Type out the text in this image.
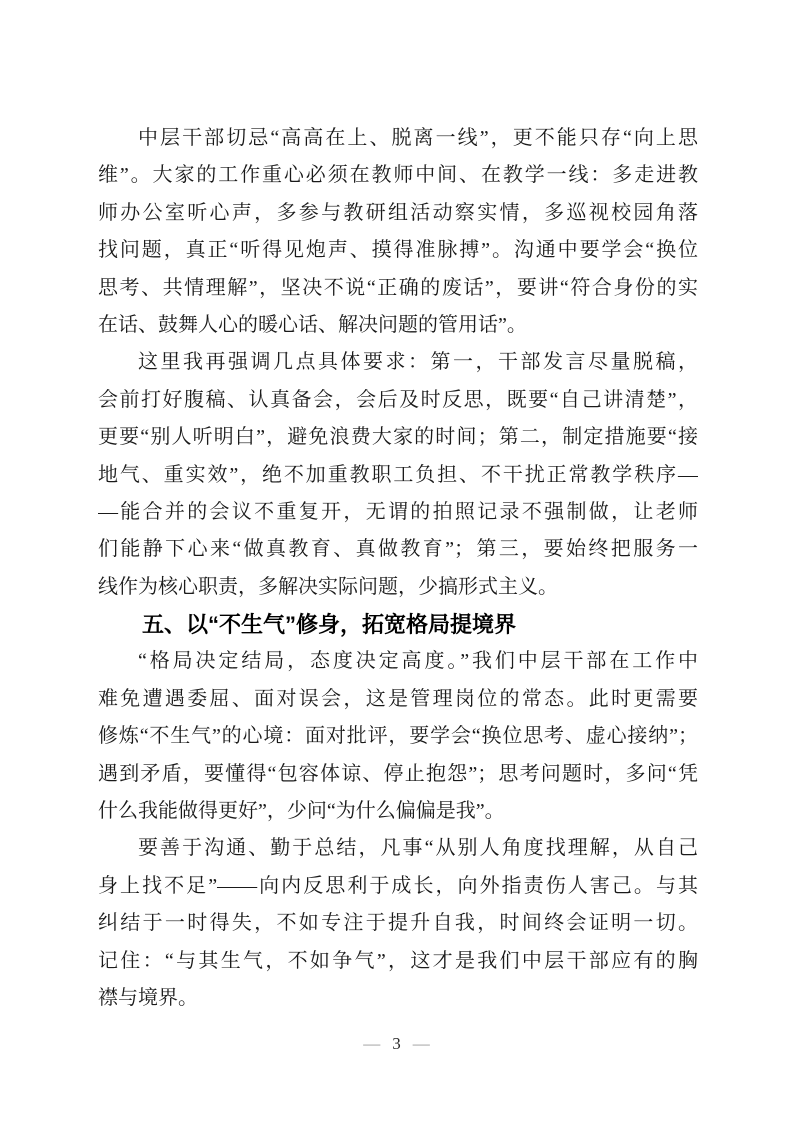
中层干部切忌“高高在上、脱离一线”，更不能只存“向上思
维”。大家的工作重心必须在教师中间、在教学一线：多走进教
师办公室听心声，多参与教研组活动察实情，多巡视校园角落
找问题，真正“听得见炮声、摸得准脉搏”。沟通中要学会“换位
思考、共情理解”，坚决不说“正确的废话”，要讲“符合身份的实
在话、鼓舞人心的暖心话、解决问题的管用话”。
这里我再强调几点具体要求：第一，干部发言尽量脱稿，
会前打好腹稿、认真备会，会后及时反思，既要“自己讲清楚”，
更要“别人听明白”，避免浪费大家的时间；第二，制定措施要“接
地气、重实效”，绝不加重教职工负担、不干扰正常教学秩序—
—能合并的会议不重复开，无谓的拍照记录不强制做，让老师
们能静下心来“做真教育、真做教育”；第三，要始终把服务一
线作为核心职责，多解决实际问题，少搞形式主义。
五、以“不生气”修身，拓宽格局提境界
“格局决定结局，态度决定高度。”我们中层干部在工作中
难免遭遇委屈、面对误会，这是管理岗位的常态。此时更需要
修炼“不生气”的心境：面对批评，要学会“换位思考、虚心接纳”；
遇到矛盾，要懂得“包容体谅、停止抱怨”；思考问题时，多问“凭
什么我能做得更好”，少问“为什么偏偏是我”。
要善于沟通、勤于总结，凡事“从别人角度找理解，从自己
身上找不足”——向内反思利于成长，向外指责伤人害己。与其
纠结于一时得失，不如专注于提升自我，时间终会证明一切。
记住：“与其生气，不如争气”，这才是我们中层干部应有的胸
襟与境界。
— 3 —
